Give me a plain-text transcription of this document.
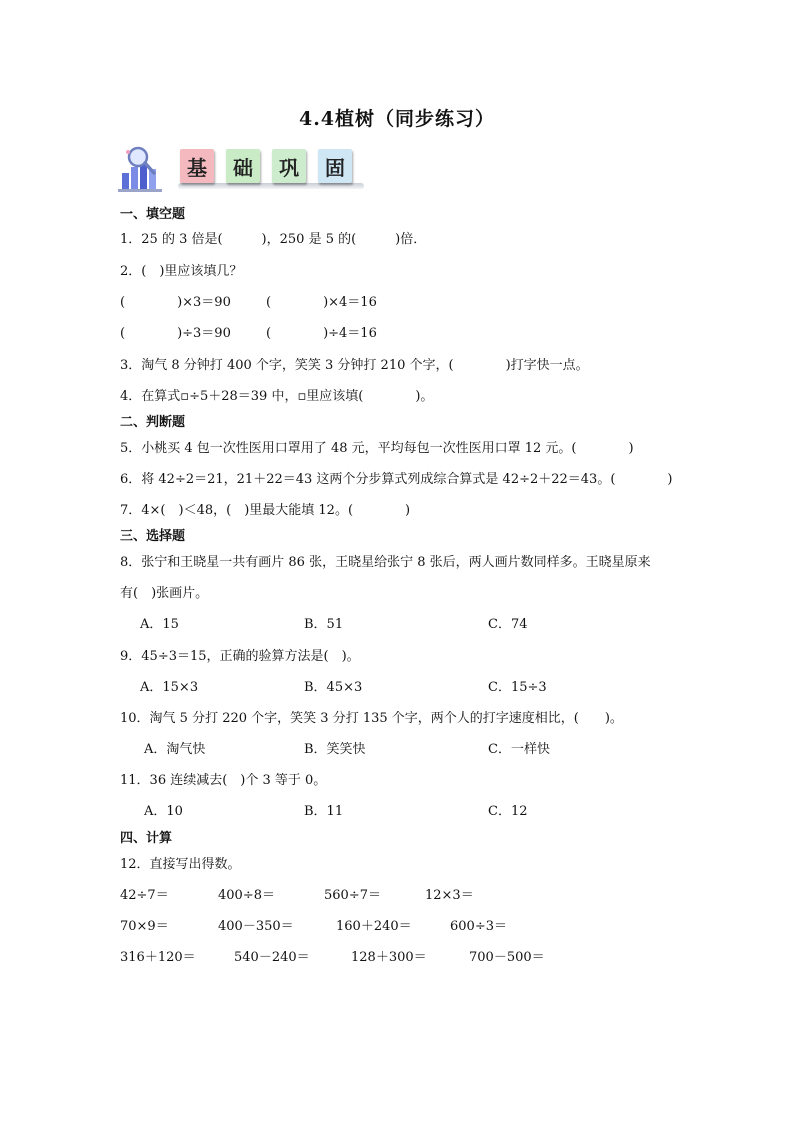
4.4植树（同步练习）
基	础	巩	固
一、填空题
1．25 的 3 倍是(　　　)，250 是 5 的(　　　)倍．
2．(　)里应该填几？
(　　　　)×3＝90	(　　　　)×4＝16
(　　　　)÷3＝90	(　　　　)÷4＝16
3．淘气 8 分钟打 400 个字，笑笑 3 分钟打 210 个字，(　　　　)打字快一点。
4．在算式▫÷5＋28＝39 中，▫里应该填(　　　　)。
二、判断题
5．小桃买 4 包一次性医用口罩用了 48 元，平均每包一次性医用口罩 12 元。(　　　　)
6．将 42÷2＝21，21＋22＝43 这两个分步算式列成综合算式是 42÷2＋22＝43。(　　　　)
7．4×(　)＜48，(　)里最大能填 12。(　　　　)
三、选择题
8．张宁和王晓星一共有画片 86 张，王晓星给张宁 8 张后，两人画片数同样多。王晓星原来
有(　)张画片。
A．15	B．51	C．74
9．45÷3＝15，正确的验算方法是(　)。
A．15×3	B．45×3	C．15÷3
10．淘气 5 分打 220 个字，笑笑 3 分打 135 个字，两个人的打字速度相比，(　　)。
A．淘气快	B．笑笑快	C．一样快
11．36 连续减去(　)个 3 等于 0。
A．10	B．11	C．12
四、计算
12．直接写出得数。
42÷7＝	400÷8＝	560÷7＝	12×3＝
70×9＝	400－350＝	160＋240＝	600÷3＝
316＋120＝	540－240＝	128＋300＝	700－500＝
